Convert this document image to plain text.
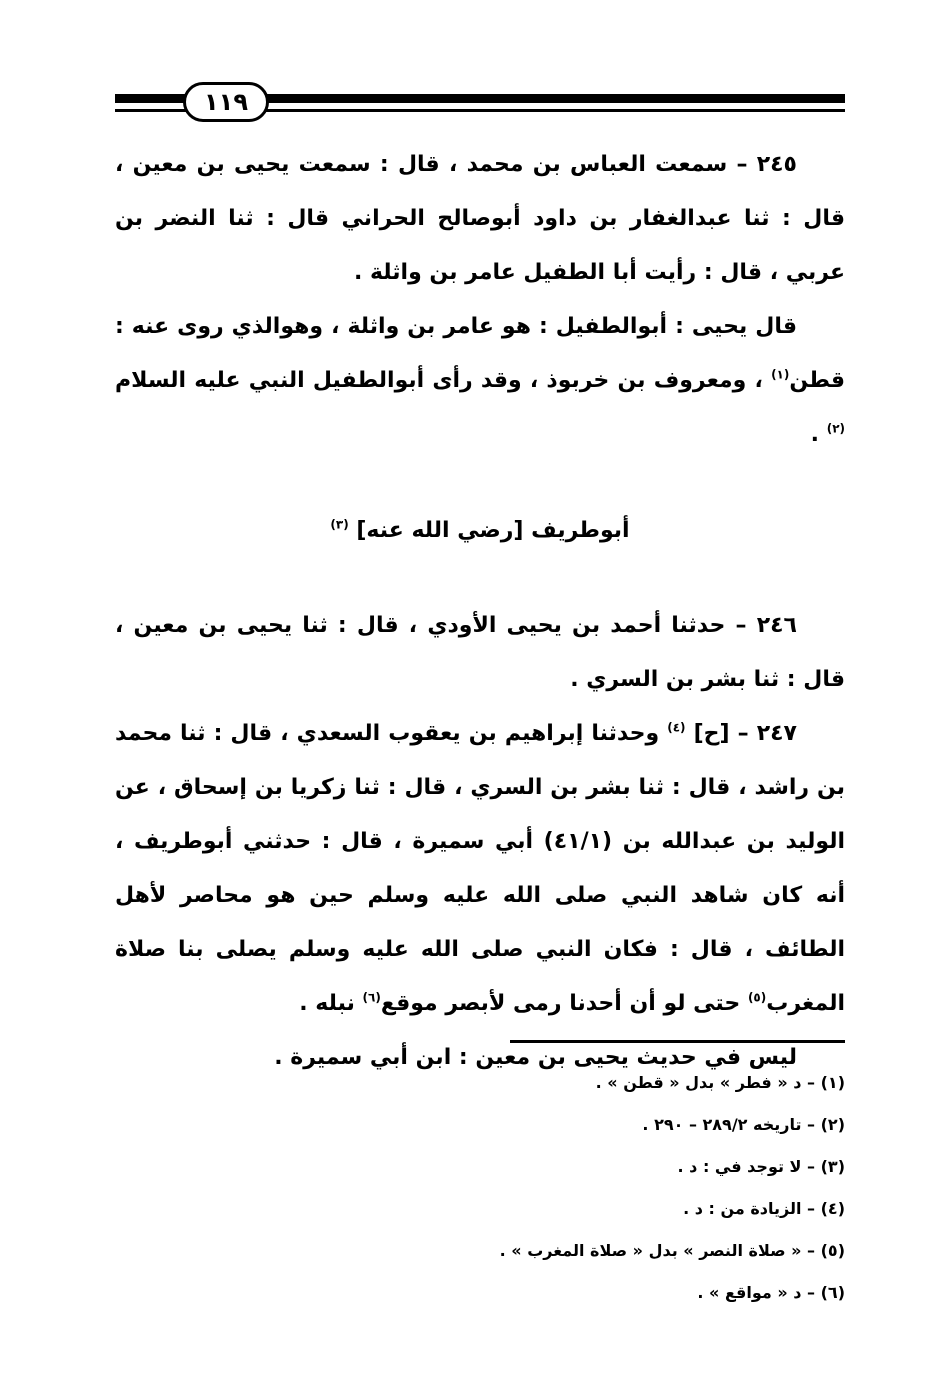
١١٩

٢٤٥ – سمعت العباس بن محمد ، قال : سمعت يحيى بن معين ، قال : ثنا عبدالغفار بن داود أبوصالح الحراني قال : ثنا النضر بن عربي ، قال : رأيت أبا الطفيل عامر بن واثلة .

قال يحيى : أبوالطفيل : هو عامر بن واثلة ، وهوالذي روى عنه : قطن$^{(١)}$ ، ومعروف بن خربوذ ، وقد رأى أبوالطفيل النبي عليه السلام $^{(٢)}$ .

أبوطريف [رضي الله عنه] $^{(٣)}$

٢٤٦ – حدثنا أحمد بن يحيى الأودي ، قال : ثنا يحيى بن معين ، قال : ثنا بشر بن السري .

٢٤٧ – [ح] $^{(٤)}$ وحدثنا إبراهيم بن يعقوب السعدي ، قال : ثنا محمد بن راشد ، قال : ثنا بشر بن السري ، قال : ثنا زكريا بن إسحاق ، عن الوليد بن عبدالله بن (٤١/١) أبي سميرة ، قال : حدثني أبوطريف ، أنه كان شاهد النبي صلى الله عليه وسلم حين هو محاصر لأهل الطائف ، قال : فكان النبي صلى الله عليه وسلم يصلى بنا صلاة المغرب$^{(٥)}$ حتى لو أن أحدنا رمى لأبصر موقع$^{(٦)}$ نبله .

ليس في حديث يحيى بن معين : ابن أبي سميرة .

(١) – د « فطر » بدل « قطن » .

(٢) – تاريخه ٢٨٩/٢ – ٢٩٠ .

(٣) – لا توجد في : د .

(٤) – الزيادة من : د .

(٥) – « صلاة النصر » بدل « صلاة المغرب » .

(٦) – د « مواقع » .
